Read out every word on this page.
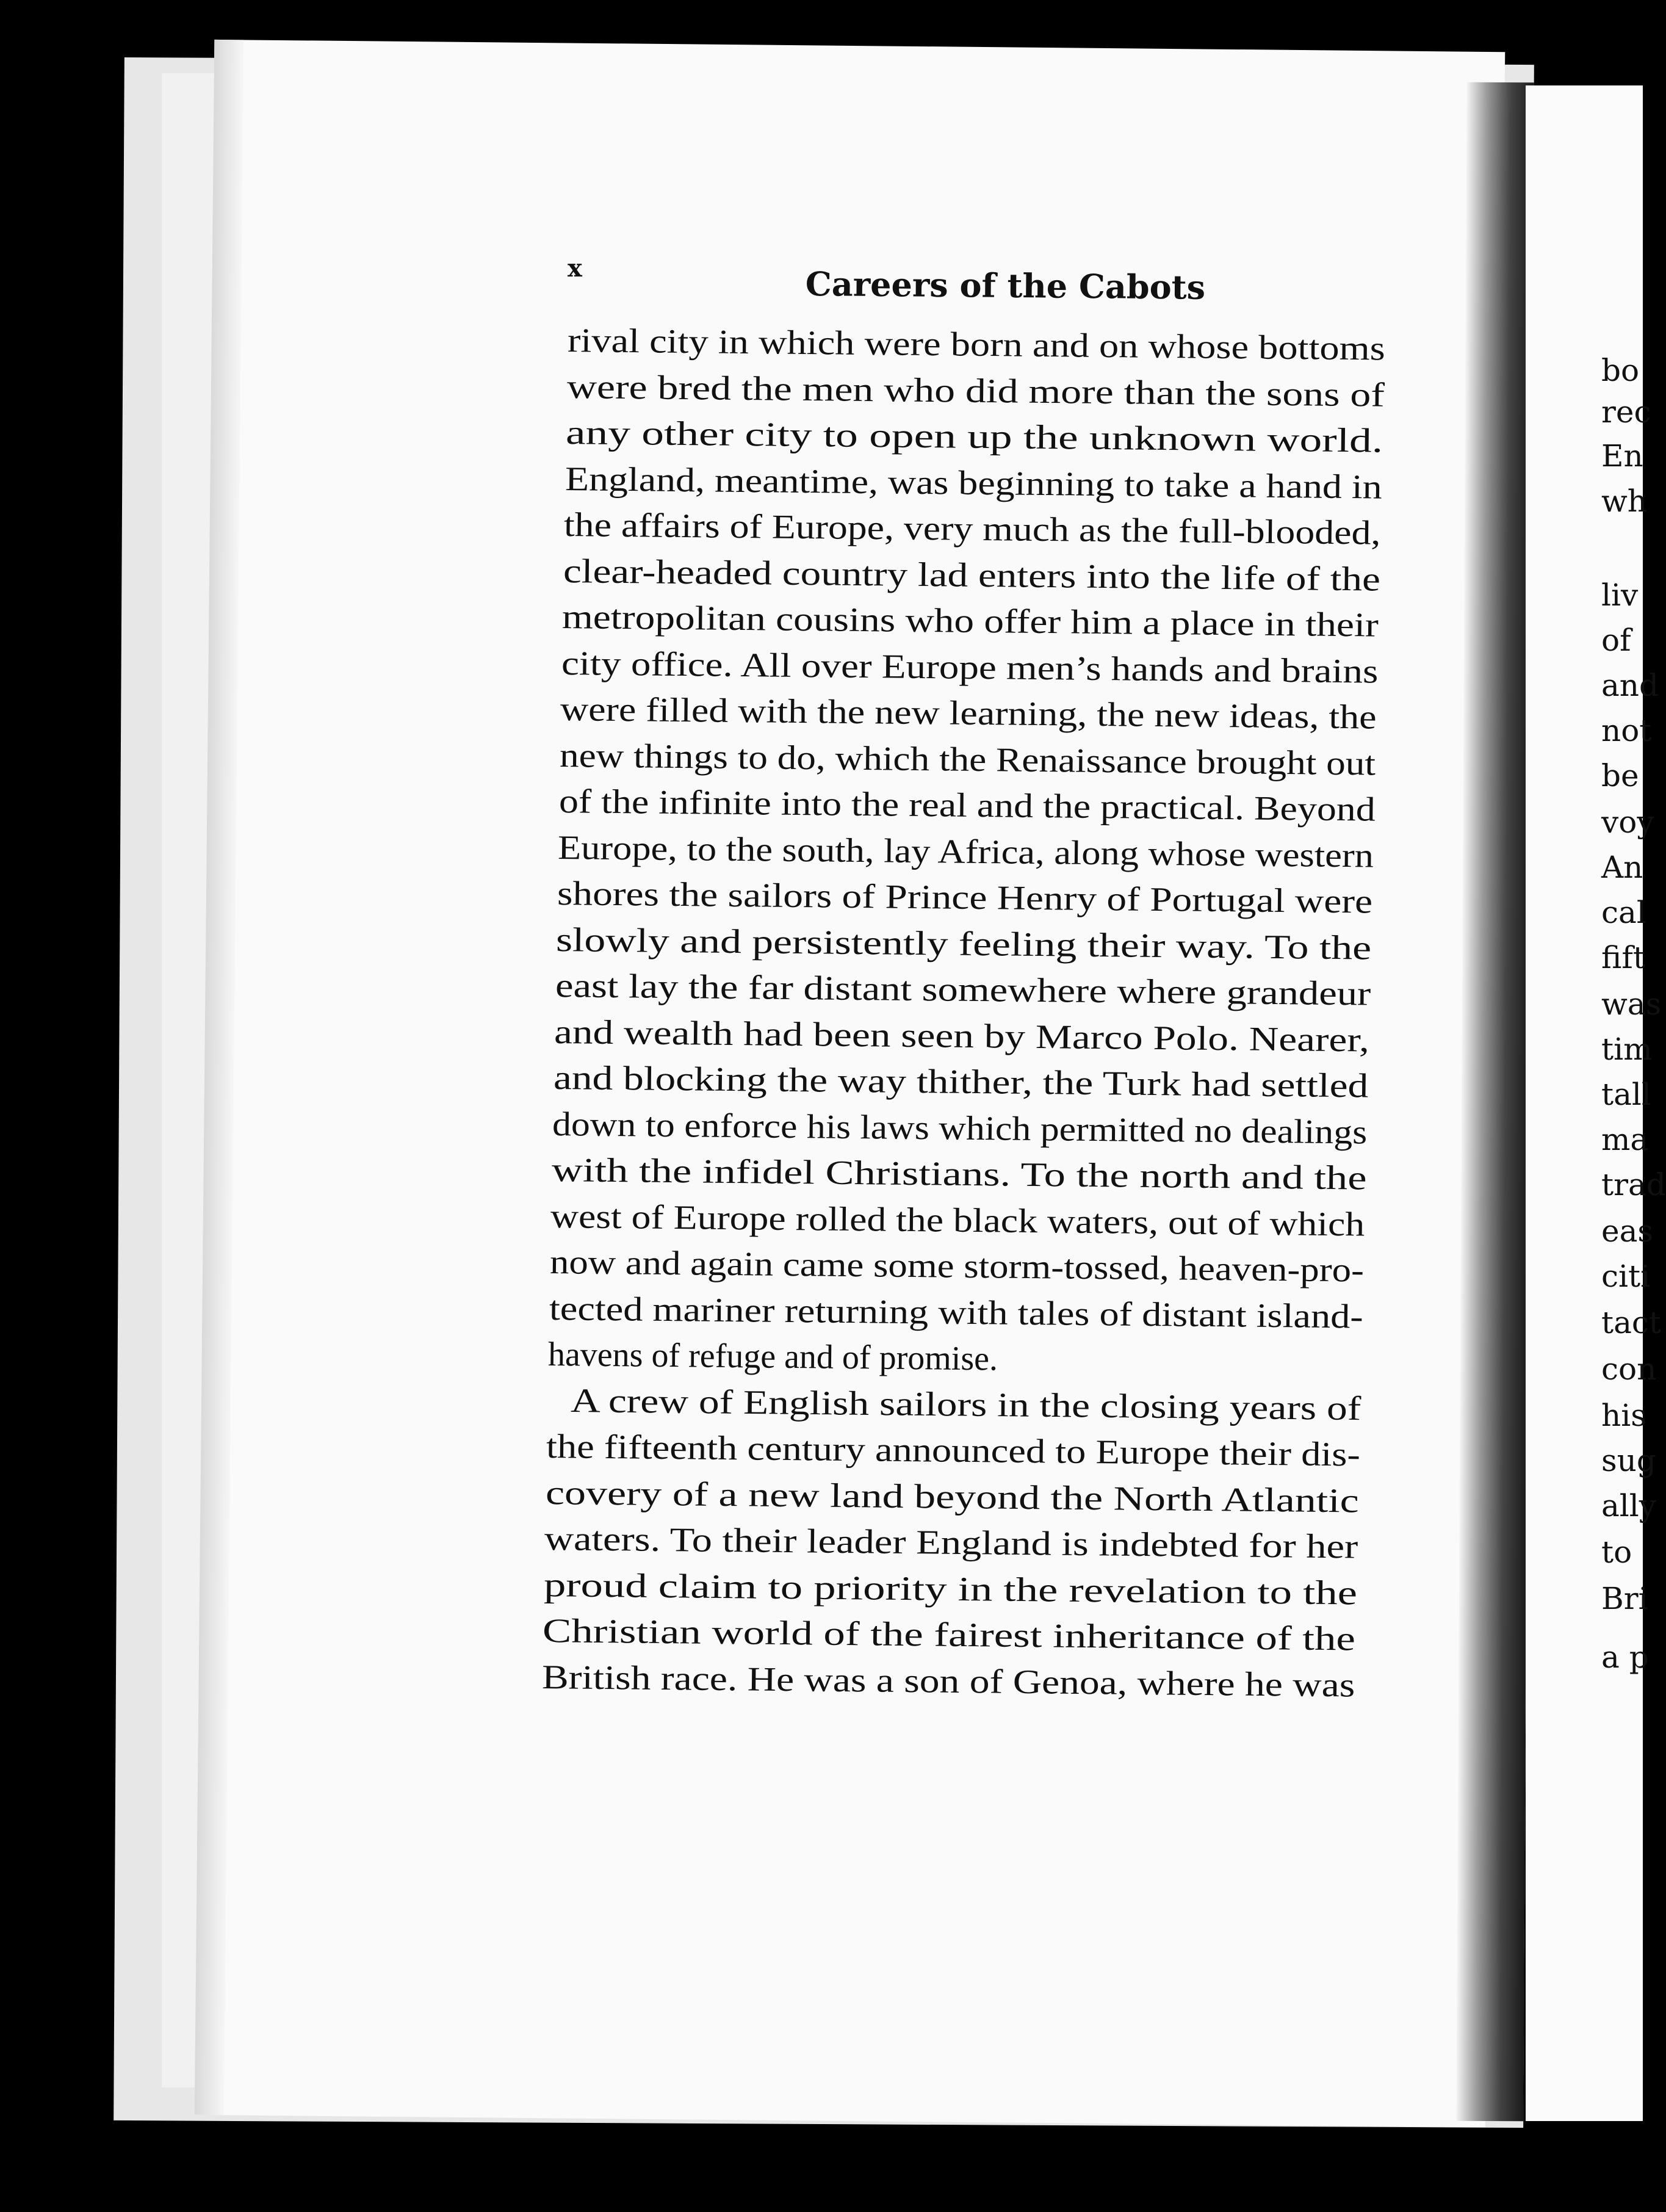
x	Careers of the Cabots
rival city in which were born and on whose bottoms
were bred the men who did more than the sons of
any other city to open up the unknown world.
England, meantime, was beginning to take a hand in
the affairs of Europe, very much as the full-blooded,
clear-headed country lad enters into the life of the
metropolitan cousins who offer him a place in their
city office. All over Europe men’s hands and brains
were filled with the new learning, the new ideas, the
new things to do, which the Renaissance brought out
of the infinite into the real and the practical. Beyond
Europe, to the south, lay Africa, along whose western
shores the sailors of Prince Henry of Portugal were
slowly and persistently feeling their way. To the
east lay the far distant somewhere where grandeur
and wealth had been seen by Marco Polo. Nearer,
and blocking the way thither, the Turk had settled
down to enforce his laws which permitted no dealings
with the infidel Christians. To the north and the
west of Europe rolled the black waters, out of which
now and again came some storm-tossed, heaven-pro-
tected mariner returning with tales of distant island-
havens of refuge and of promise.
A crew of English sailors in the closing years of
the fifteenth century announced to Europe their dis-
covery of a new land beyond the North Atlantic
waters. To their leader England is indebted for her
proud claim to priority in the revelation to the
Christian world of the fairest inheritance of the
British race. He was a son of Genoa, where he was
bo
rec
En
wh
liv
of
and
not
be
voy
An
cal
fift
was
tim
tall
ma
trad
eas
citi
tact
con
his
sug
ally
to
Bri
a p
